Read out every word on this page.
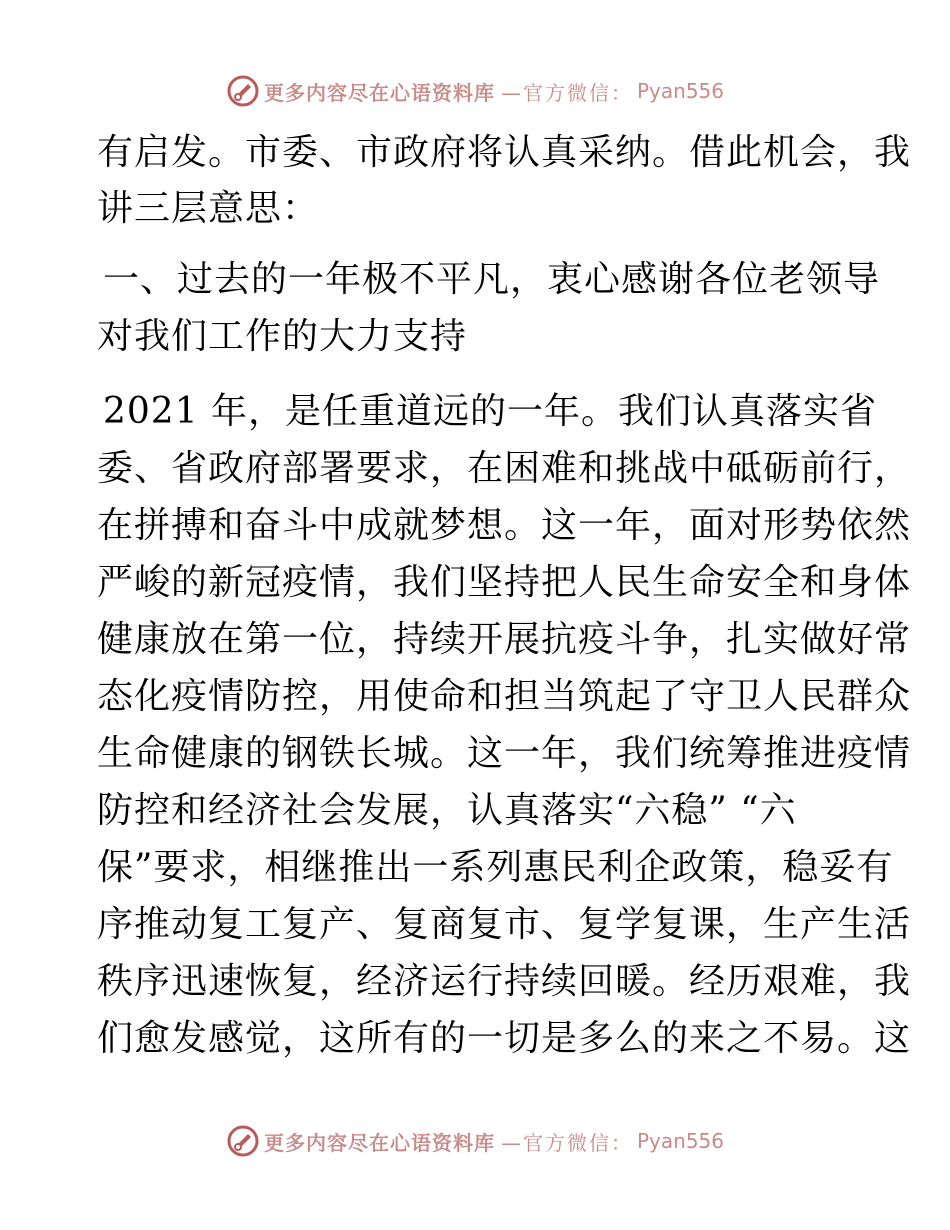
更多内容尽在心语资料库 —官方微信： Pyan556
有启发。市委、市政府将认真采纳。借此机会，我
讲三层意思：
一、过去的一年极不平凡，衷心感谢各位老领导
对我们工作的大力支持
2021 年，是任重道远的一年。我们认真落实省
委、省政府部署要求，在困难和挑战中砥砺前行，
在拼搏和奋斗中成就梦想。这一年，面对形势依然
严峻的新冠疫情，我们坚持把人民生命安全和身体
健康放在第一位，持续开展抗疫斗争，扎实做好常
态化疫情防控，用使命和担当筑起了守卫人民群众
生命健康的钢铁长城。这一年，我们统筹推进疫情
防控和经济社会发展，认真落实“六稳” “六
保”要求，相继推出一系列惠民利企政策，稳妥有
序推动复工复产、复商复市、复学复课，生产生活
秩序迅速恢复，经济运行持续回暖。经历艰难，我
们愈发感觉，这所有的一切是多么的来之不易。这
更多内容尽在心语资料库 —官方微信： Pyan556
